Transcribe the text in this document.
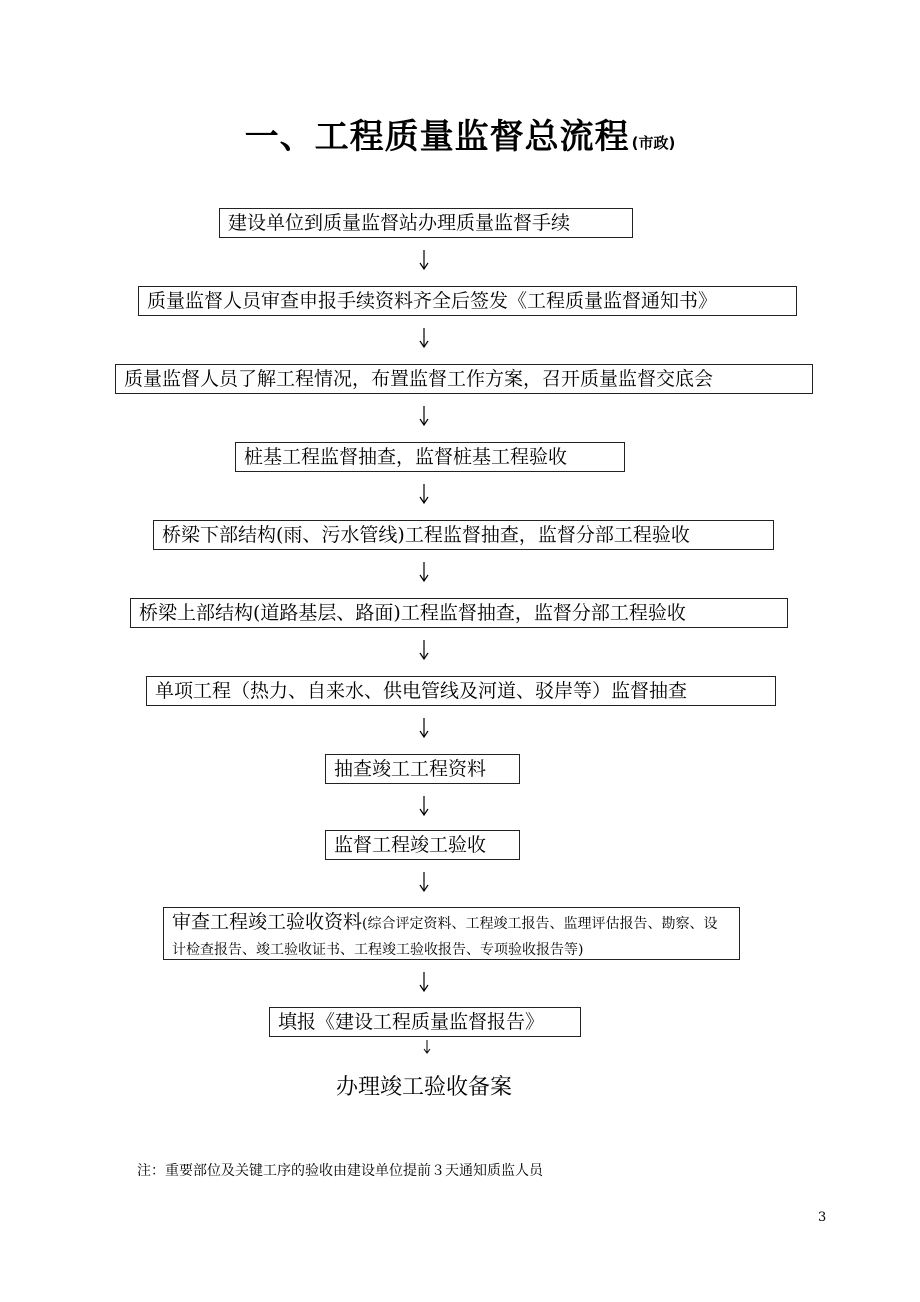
一、工程质量监督总流程 (市政)
建设单位到质量监督站办理质量监督手续
质量监督人员审查申报手续资料齐全后签发《工程质量监督通知书》
质量监督人员了解工程情况，布置监督工作方案，召开质量监督交底会
桩基工程监督抽查，监督桩基工程验收
桥梁下部结构(雨、污水管线)工程监督抽查，监督分部工程验收
桥梁上部结构(道路基层、路面)工程监督抽查，监督分部工程验收
单项工程（热力、自来水、供电管线及河道、驳岸等）监督抽查
抽查竣工工程资料
监督工程竣工验收
审查工程竣工验收资料(综合评定资料、工程竣工报告、监理评估报告、勘察、设计检查报告、竣工验收证书、工程竣工验收报告、专项验收报告等)
填报《建设工程质量监督报告》
办理竣工验收备案
注：重要部位及关键工序的验收由建设单位提前３天通知质监人员
3
